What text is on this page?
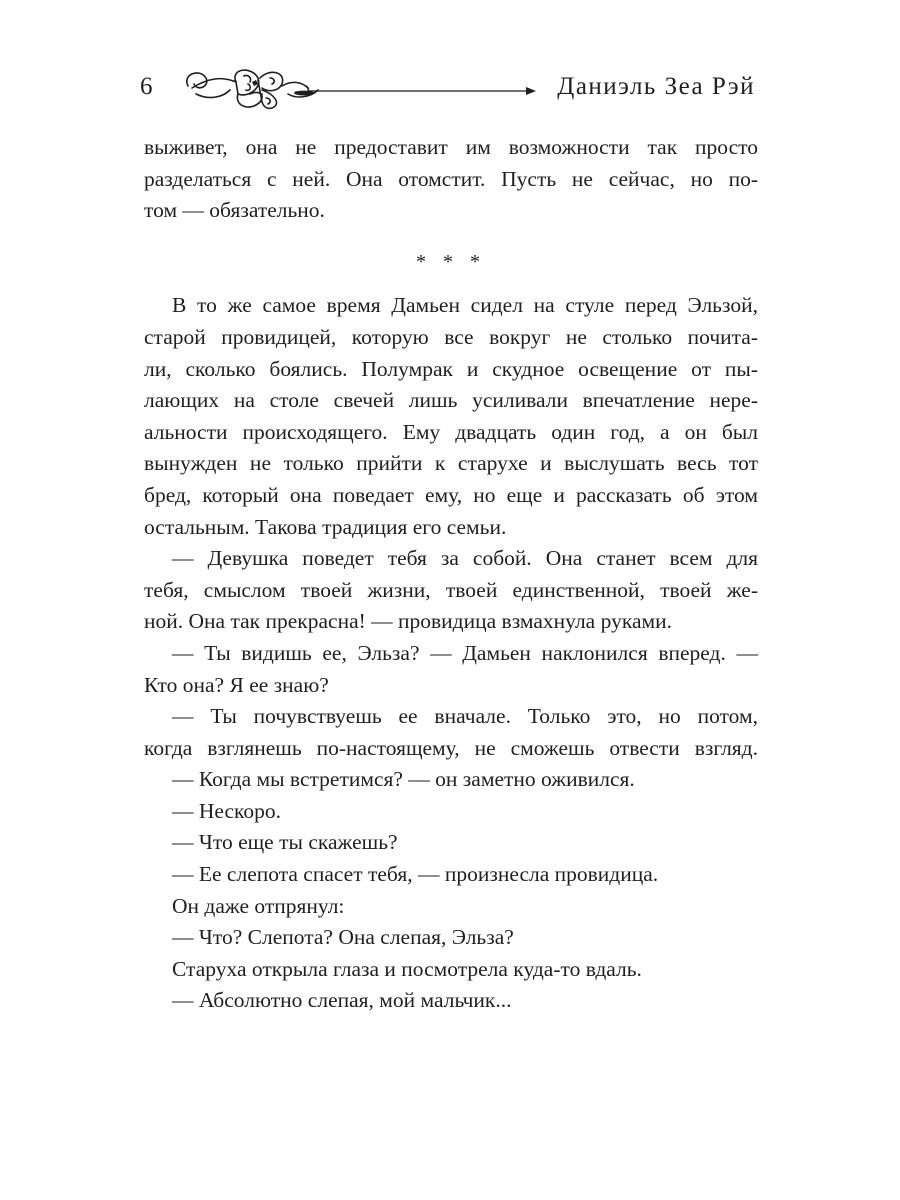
6	Даниэль Зеа Рэй
выживет, она не предоставит им возможности так просто
разделаться с ней. Она отомстит. Пусть не сейчас, но по-
том — обязательно.
* * *
В то же самое время Дамьен сидел на стуле перед Эльзой,
старой провидицей, которую все вокруг не столько почита-
ли, сколько боялись. Полумрак и скудное освещение от пы-
лающих на столе свечей лишь усиливали впечатление нере-
альности происходящего. Ему двадцать один год, а он был
вынужден не только прийти к старухе и выслушать весь тот
бред, который она поведает ему, но еще и рассказать об этом
остальным. Такова традиция его семьи.
— Девушка поведет тебя за собой. Она станет всем для
тебя, смыслом твоей жизни, твоей единственной, твоей же-
ной. Она так прекрасна! — провидица взмахнула руками.
— Ты видишь ее, Эльза? — Дамьен наклонился вперед. —
Кто она? Я ее знаю?
— Ты почувствуешь ее вначале. Только это, но потом,
когда взглянешь по-настоящему, не сможешь отвести взгляд.
— Когда мы встретимся? — он заметно оживился.
— Нескоро.
— Что еще ты скажешь?
— Ее слепота спасет тебя, — произнесла провидица.
Он даже отпрянул:
— Что? Слепота? Она слепая, Эльза?
Старуха открыла глаза и посмотрела куда-то вдаль.
— Абсолютно слепая, мой мальчик...
